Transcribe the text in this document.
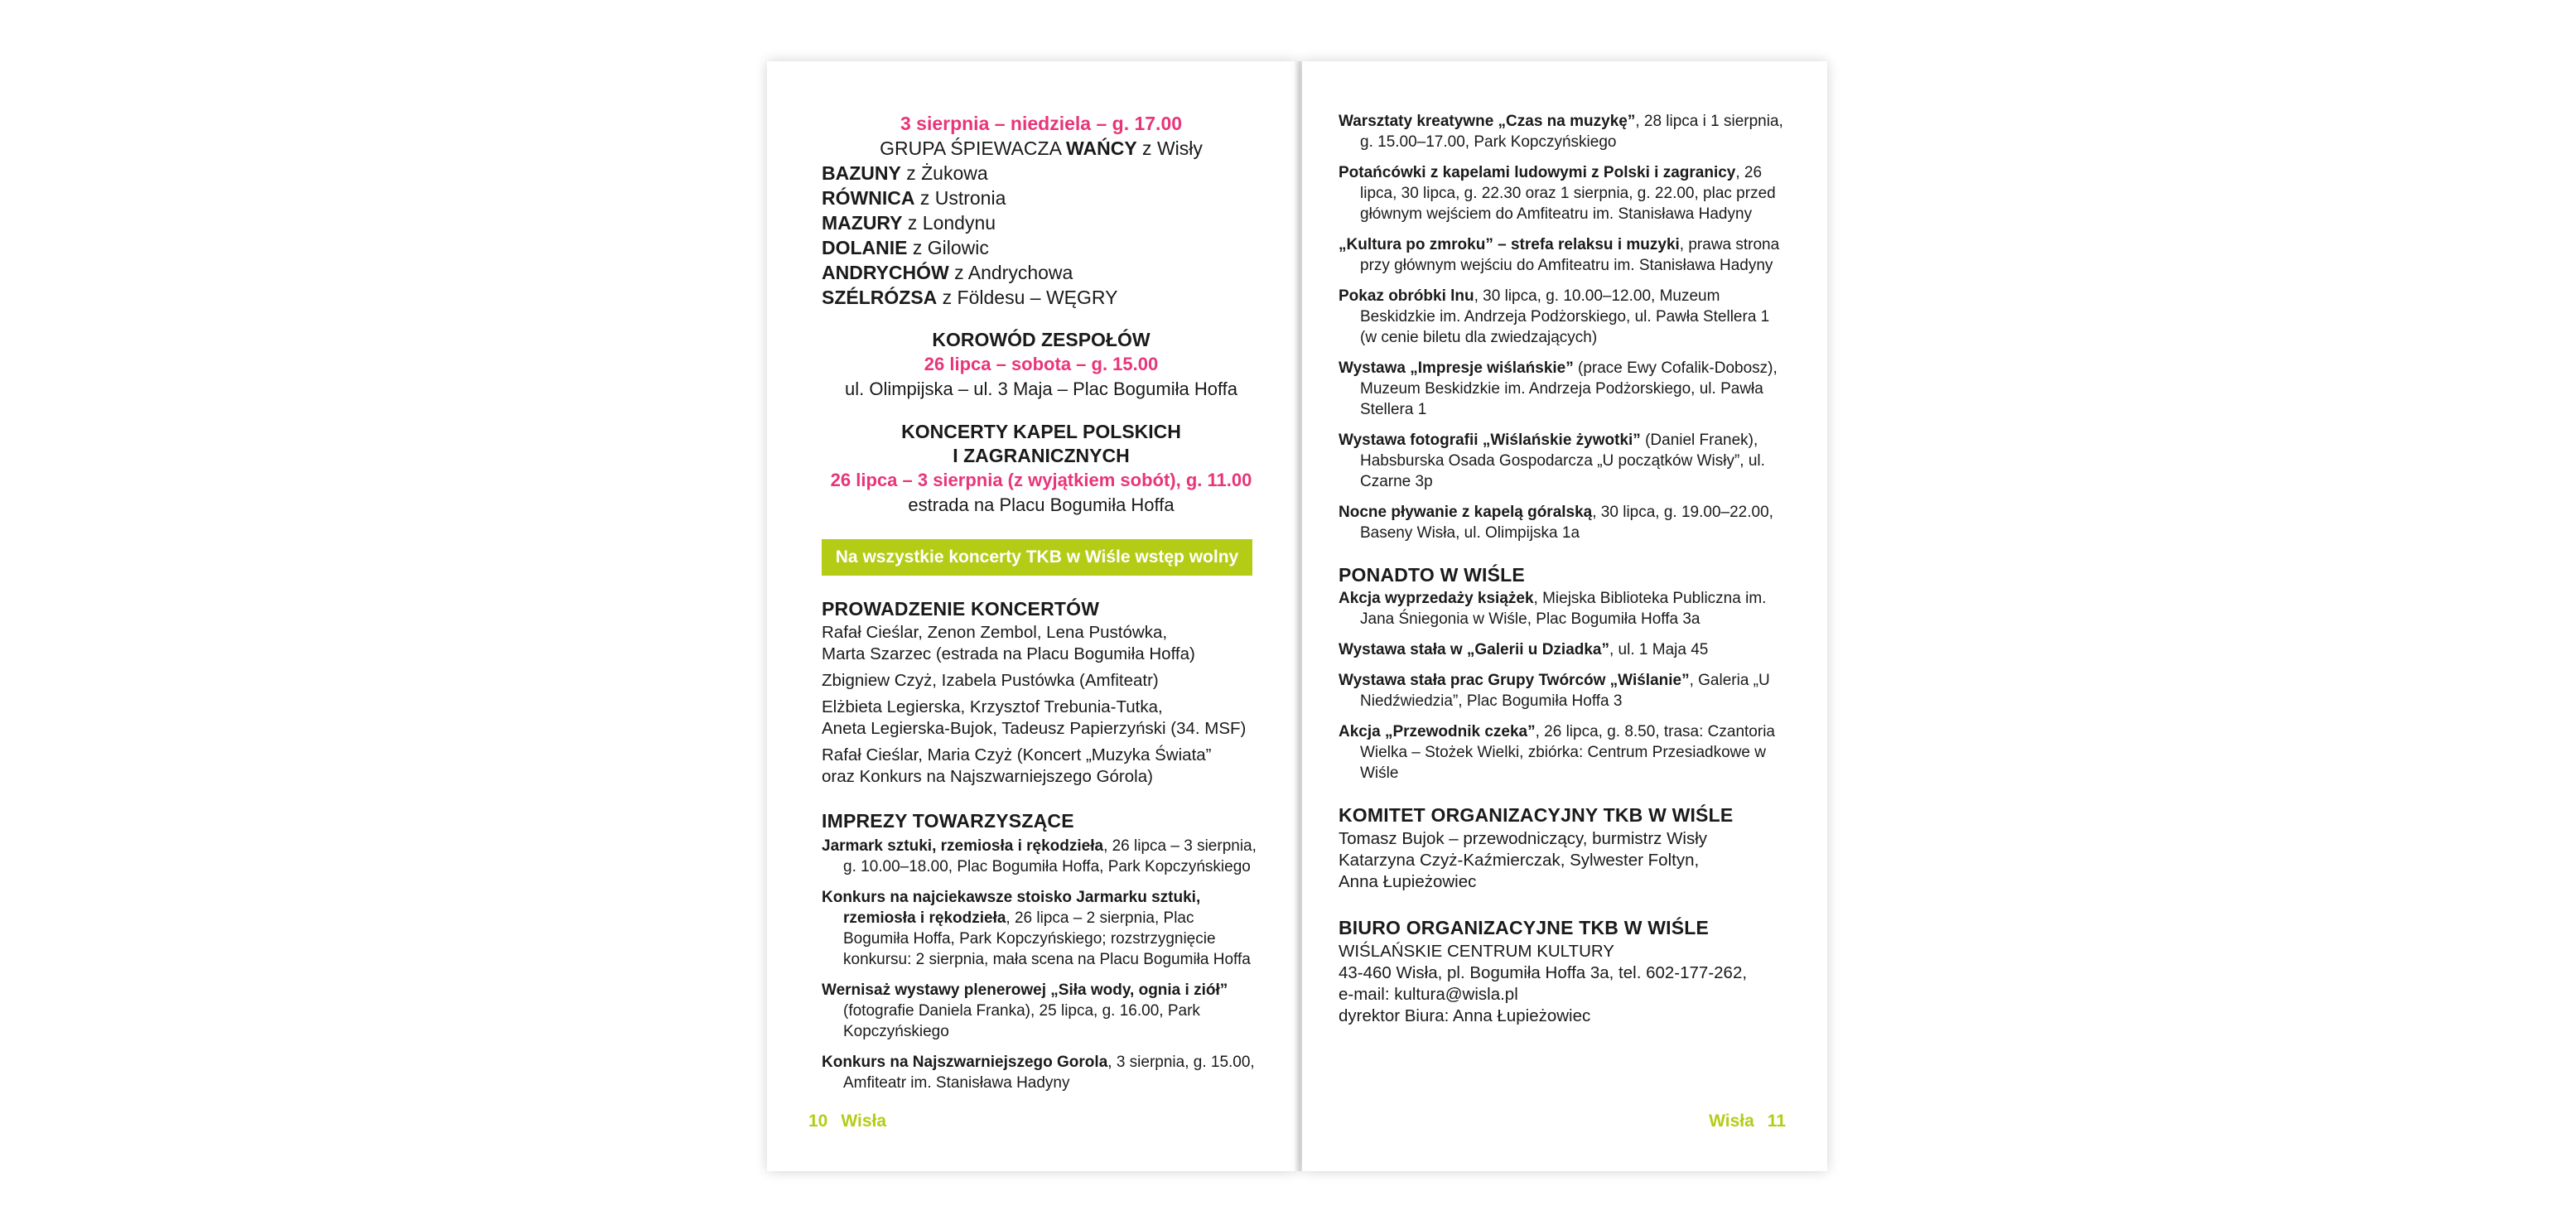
3 sierpnia – niedziela – g. 17.00
GRUPA ŚPIEWACZA WAŃCY z Wisły
BAZUNY z Żukowa
RÓWNICA z Ustronia
MAZURY z Londynu
DOLANIE z Gilowic
ANDRYCHÓW z Andrychowa
SZÉLRÓZSA z Földesu – WĘGRY
KOROWÓD ZESPOŁÓW
26 lipca – sobota – g. 15.00
ul. Olimpijska – ul. 3 Maja – Plac Bogumiła Hoffa
KONCERTY KAPEL POLSKICH
I ZAGRANICZNYCH
26 lipca – 3 sierpnia (z wyjątkiem sobót), g. 11.00
estrada na Placu Bogumiła Hoffa
Na wszystkie koncerty TKB w Wiśle wstęp wolny
PROWADZENIE KONCERTÓW
Rafał Cieślar, Zenon Zembol, Lena Pustówka,
Marta Szarzec (estrada na Placu Bogumiła Hoffa)
Zbigniew Czyż, Izabela Pustówka (Amfiteatr)
Elżbieta Legierska, Krzysztof Trebunia-Tutka,
Aneta Legierska-Bujok, Tadeusz Papierzyński (34. MSF)
Rafał Cieślar, Maria Czyż (Koncert „Muzyka Świata”
oraz Konkurs na Najszwarniejszego Górola)
IMPREZY TOWARZYSZĄCE
Jarmark sztuki, rzemiosła i rękodzieła, 26 lipca – 3 sierpnia, g. 10.00–18.00, Plac Bogumiła Hoffa, Park Kopczyńskiego
Konkurs na najciekawsze stoisko Jarmarku sztuki, rzemiosła i rękodzieła, 26 lipca – 2 sierpnia, Plac Bogumiła Hoffa, Park Kopczyńskiego; rozstrzygnięcie konkursu: 2 sierpnia, mała scena na Placu Bogumiła Hoffa
Wernisaż wystawy plenerowej „Siła wody, ognia i ziół” (fotografie Daniela Franka), 25 lipca, g. 16.00, Park Kopczyńskiego
Konkurs na Najszwarniejszego Gorola, 3 sierpnia, g. 15.00, Amfiteatr im. Stanisława Hadyny
10 Wisła
Warsztaty kreatywne „Czas na muzykę”, 28 lipca i 1 sierpnia, g. 15.00–17.00, Park Kopczyńskiego
Potańcówki z kapelami ludowymi z Polski i zagranicy, 26 lipca, 30 lipca, g. 22.30 oraz 1 sierpnia, g. 22.00, plac przed głównym wejściem do Amfiteatru im. Stanisława Hadyny
„Kultura po zmroku” – strefa relaksu i muzyki, prawa strona przy głównym wejściu do Amfiteatru im. Stanisława Hadyny
Pokaz obróbki lnu, 30 lipca, g. 10.00–12.00, Muzeum Beskidzkie im. Andrzeja Podżorskiego, ul. Pawła Stellera 1 (w cenie biletu dla zwiedzających)
Wystawa „Impresje wiślańskie” (prace Ewy Cofalik-Dobosz), Muzeum Beskidzkie im. Andrzeja Podżorskiego, ul. Pawła Stellera 1
Wystawa fotografii „Wiślańskie żywotki” (Daniel Franek), Habsburska Osada Gospodarcza „U początków Wisły”, ul. Czarne 3p
Nocne pływanie z kapelą góralską, 30 lipca, g. 19.00–22.00, Baseny Wisła, ul. Olimpijska 1a
PONADTO W WIŚLE
Akcja wyprzedaży książek, Miejska Biblioteka Publiczna im. Jana Śniegonia w Wiśle, Plac Bogumiła Hoffa 3a
Wystawa stała w „Galerii u Dziadka”, ul. 1 Maja 45
Wystawa stała prac Grupy Twórców „Wiślanie”, Galeria „U Niedźwiedzia”, Plac Bogumiła Hoffa 3
Akcja „Przewodnik czeka”, 26 lipca, g. 8.50, trasa: Czantoria Wielka – Stożek Wielki, zbiórka: Centrum Przesiadkowe w Wiśle
KOMITET ORGANIZACYJNY TKB W WIŚLE
Tomasz Bujok – przewodniczący, burmistrz Wisły
Katarzyna Czyż-Kaźmierczak, Sylwester Foltyn,
Anna Łupieżowiec
BIURO ORGANIZACYJNE TKB W WIŚLE
WIŚLAŃSKIE CENTRUM KULTURY
43-460 Wisła, pl. Bogumiła Hoffa 3a, tel. 602-177-262,
e-mail: kultura@wisla.pl
dyrektor Biura: Anna Łupieżowiec
Wisła 11
